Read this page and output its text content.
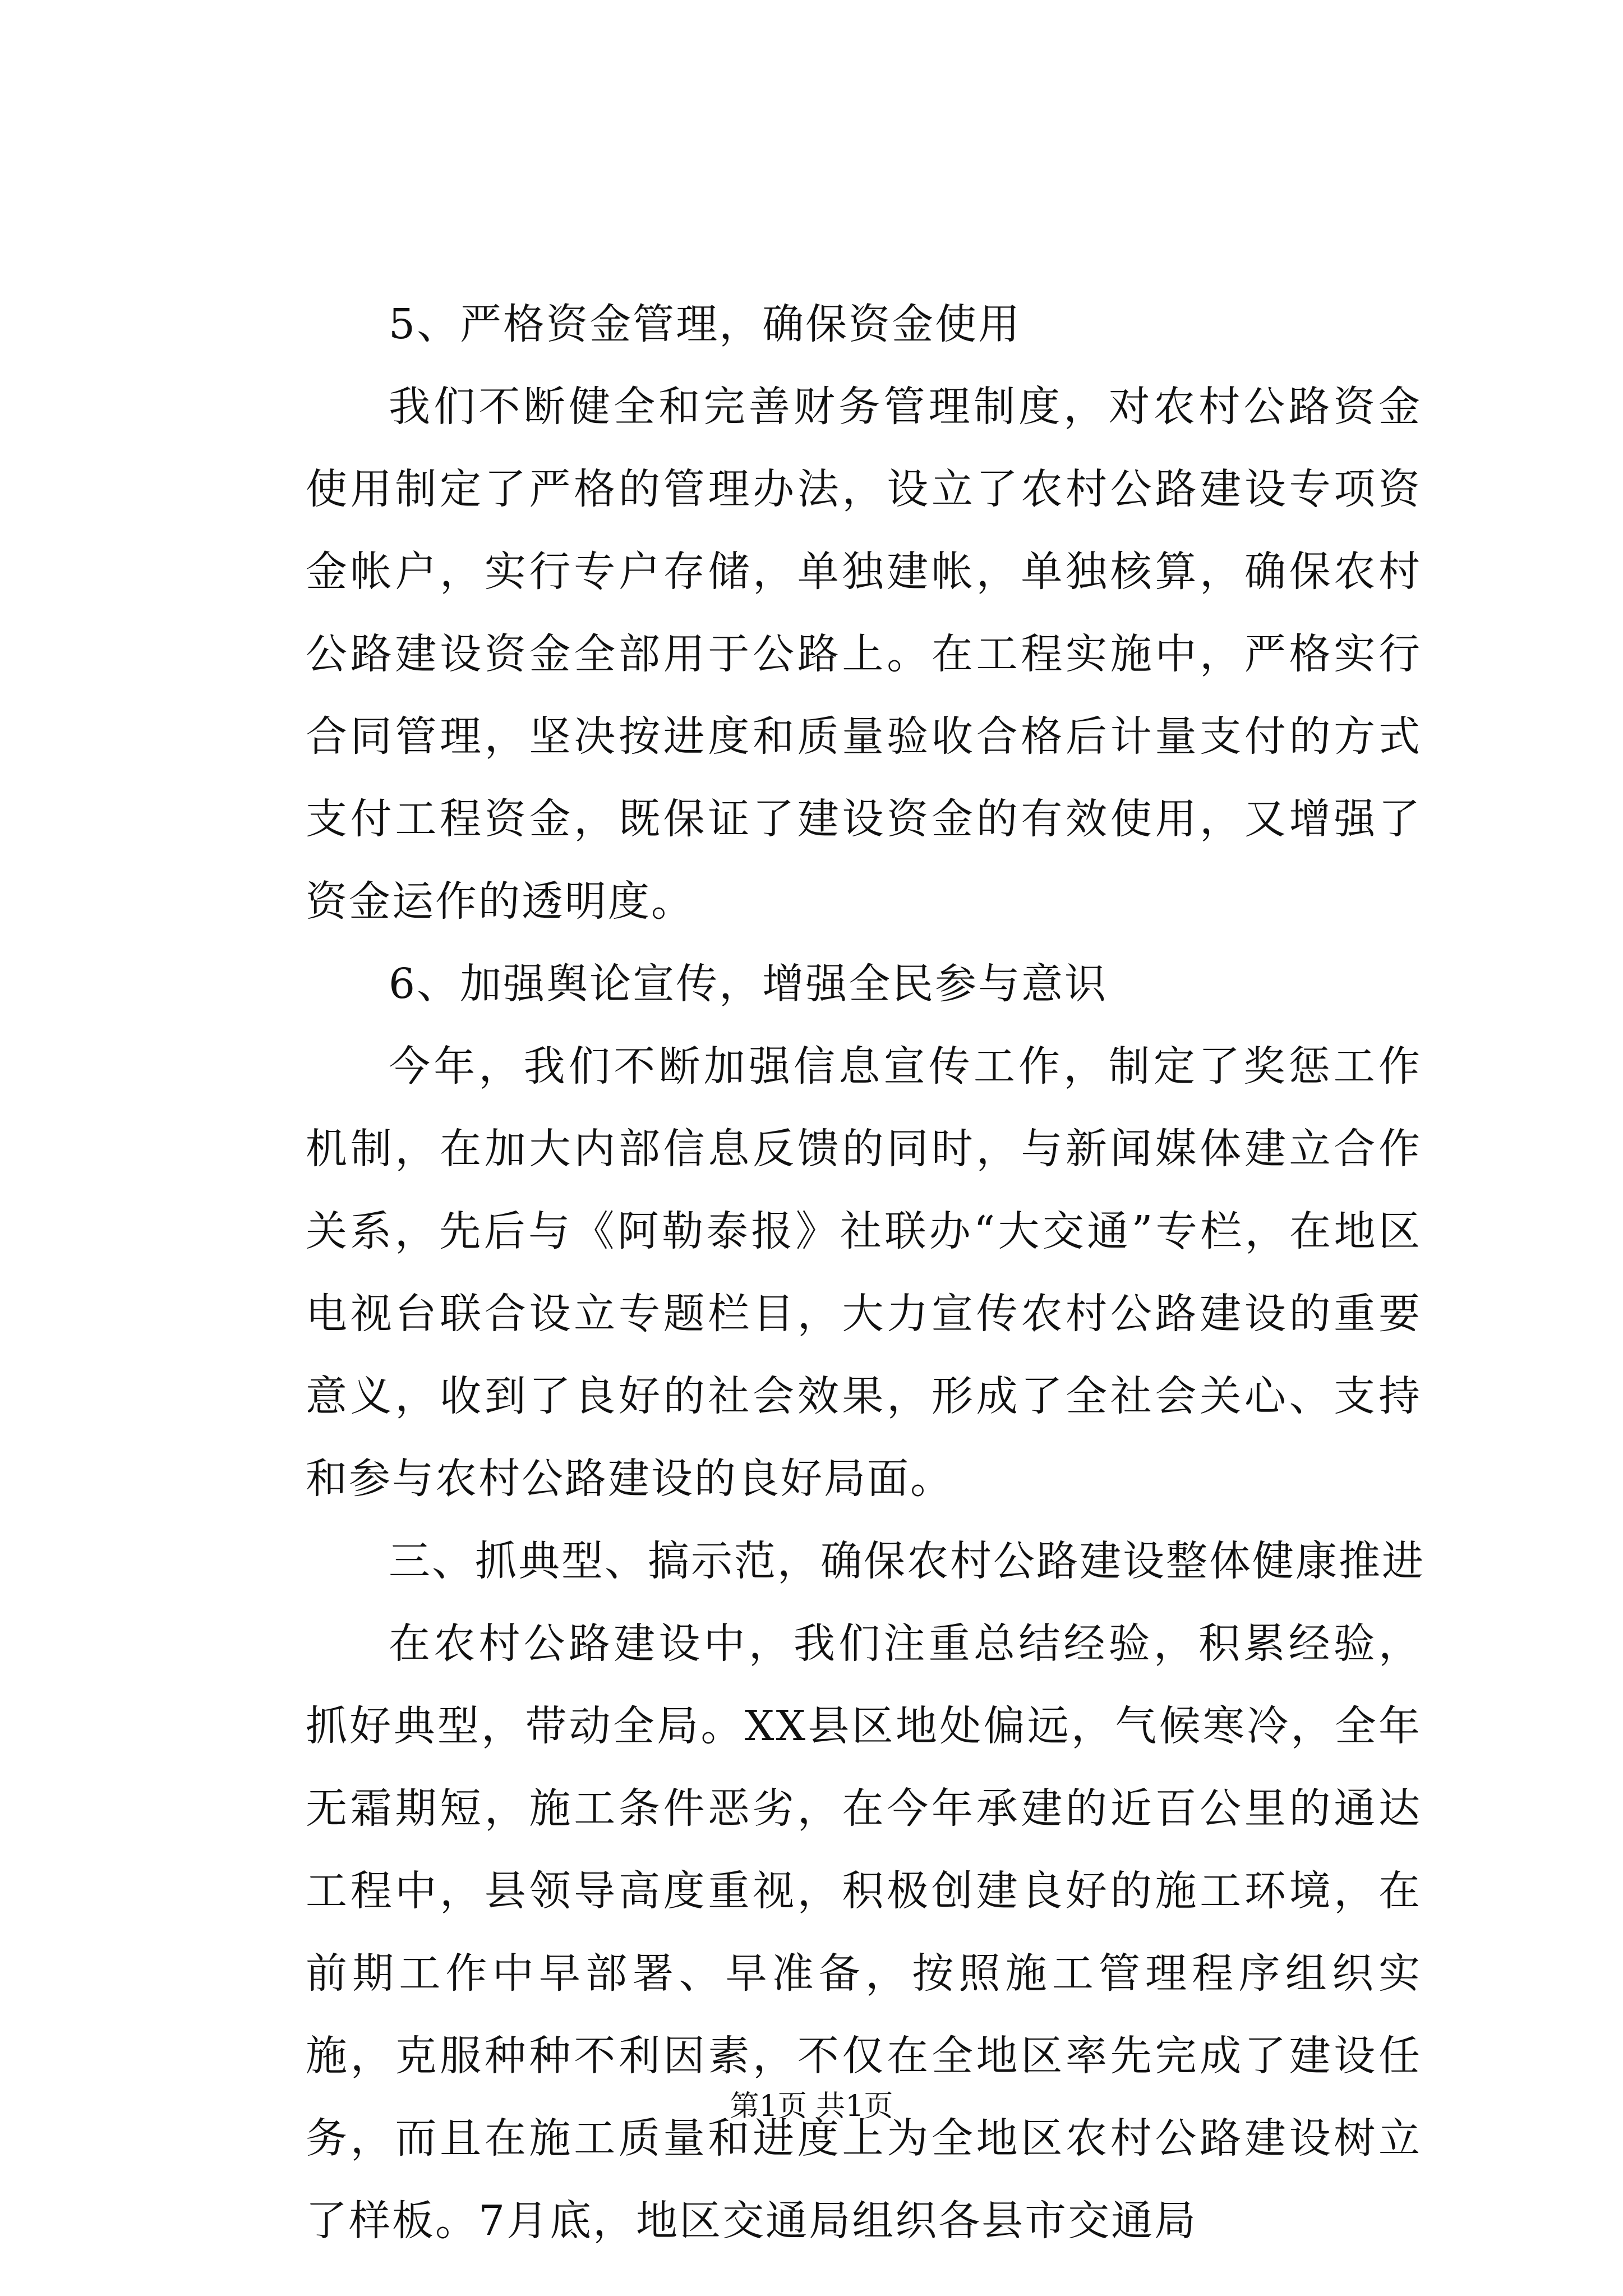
5、严格资金管理，确保资金使用

我们不断健全和完善财务管理制度，对农村公路资金使用制定了严格的管理办法，设立了农村公路建设专项资金帐户，实行专户存储，单独建帐，单独核算，确保农村公路建设资金全部用于公路上。在工程实施中，严格实行合同管理，坚决按进度和质量验收合格后计量支付的方式支付工程资金，既保证了建设资金的有效使用，又增强了资金运作的透明度。

6、加强舆论宣传，增强全民参与意识

今年，我们不断加强信息宣传工作，制定了奖惩工作机制，在加大内部信息反馈的同时，与新闻媒体建立合作关系，先后与《阿勒泰报》社联办“大交通”专栏，在地区电视台联合设立专题栏目，大力宣传农村公路建设的重要意义，收到了良好的社会效果，形成了全社会关心、支持和参与农村公路建设的良好局面。

三、抓典型、搞示范，确保农村公路建设整体健康推进

在农村公路建设中，我们注重总结经验，积累经验，抓好典型，带动全局。XX县区地处偏远，气候寒冷，全年无霜期短，施工条件恶劣，在今年承建的近百公里的通达工程中，县领导高度重视，积极创建良好的施工环境，在前期工作中早部署、早准备，按照施工管理程序组织实施，克服种种不利因素，不仅在全地区率先完成了建设任务，而且在施工质量和进度上为全地区农村公路建设树立了样板。7月底，地区交通局组织各县市交通局

第1页 共1页
